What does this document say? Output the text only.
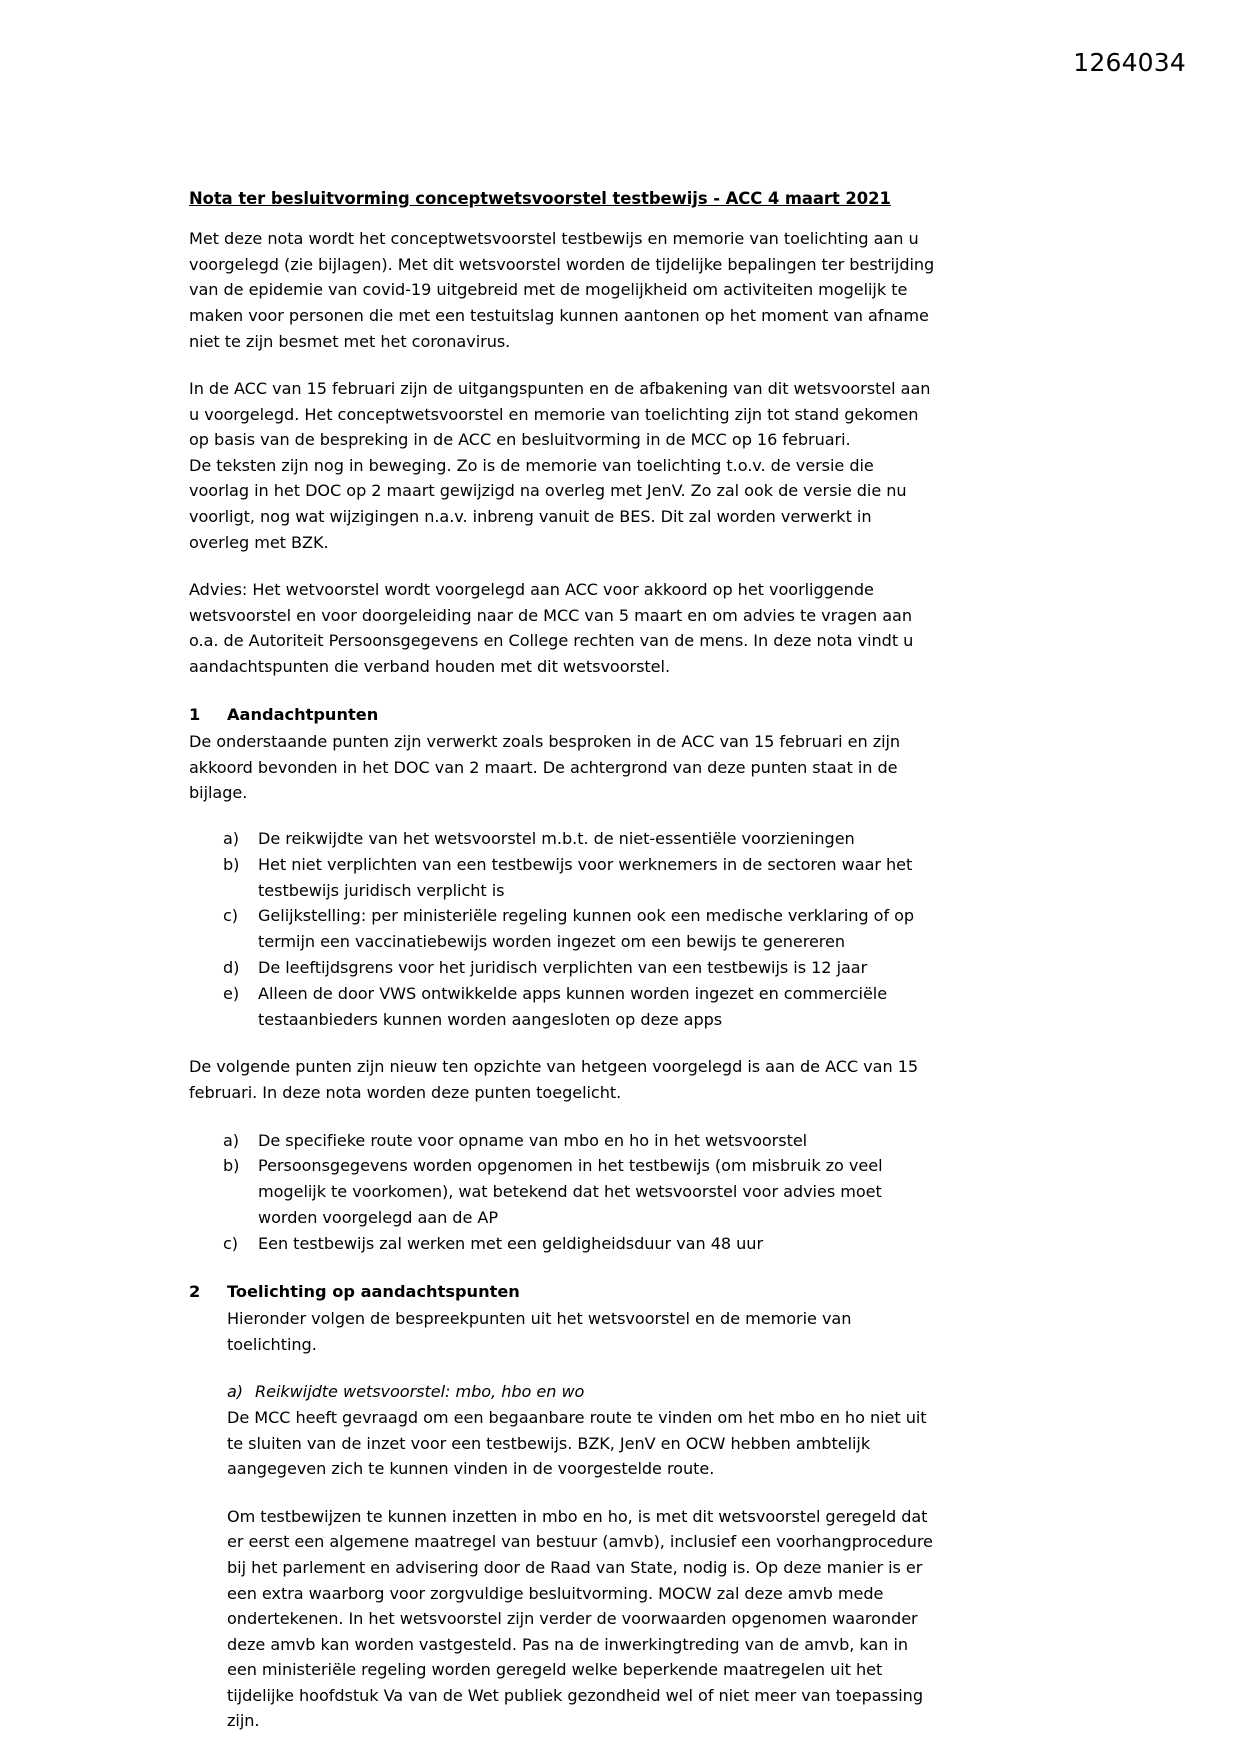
1264034
Nota ter besluitvorming conceptwetsvoorstel testbewijs - ACC 4 maart 2021

Met deze nota wordt het conceptwetsvoorstel testbewijs en memorie van toelichting aan u voorgelegd (zie bijlagen). Met dit wetsvoorstel worden de tijdelijke bepalingen ter bestrijding van de epidemie van covid-19 uitgebreid met de mogelijkheid om activiteiten mogelijk te maken voor personen die met een testuitslag kunnen aantonen op het moment van afname niet te zijn besmet met het coronavirus.

In de ACC van 15 februari zijn de uitgangspunten en de afbakening van dit wetsvoorstel aan u voorgelegd. Het conceptwetsvoorstel en memorie van toelichting zijn tot stand gekomen op basis van de bespreking in de ACC en besluitvorming in de MCC op 16 februari.

De teksten zijn nog in beweging. Zo is de memorie van toelichting t.o.v. de versie die voorlag in het DOC op 2 maart gewijzigd na overleg met JenV. Zo zal ook de versie die nu voorligt, nog wat wijzigingen n.a.v. inbreng vanuit de BES. Dit zal worden verwerkt in overleg met BZK.

Advies: Het wetvoorstel wordt voorgelegd aan ACC voor akkoord op het voorliggende wetsvoorstel en voor doorgeleiding naar de MCC van 5 maart en om advies te vragen aan o.a. de Autoriteit Persoonsgegevens en College rechten van de mens. In deze nota vindt u aandachtspunten die verband houden met dit wetsvoorstel.

1	Aandachtpunten

De onderstaande punten zijn verwerkt zoals besproken in de ACC van 15 februari en zijn akkoord bevonden in het DOC van 2 maart. De achtergrond van deze punten staat in de bijlage.

a)	De reikwijdte van het wetsvoorstel m.b.t. de niet-essentiële voorzieningen
b)	Het niet verplichten van een testbewijs voor werknemers in de sectoren waar het testbewijs juridisch verplicht is
c)	Gelijkstelling: per ministeriële regeling kunnen ook een medische verklaring of op termijn een vaccinatiebewijs worden ingezet om een bewijs te genereren
d)	De leeftijdsgrens voor het juridisch verplichten van een testbewijs is 12 jaar
e)	Alleen de door VWS ontwikkelde apps kunnen worden ingezet en commerciële testaanbieders kunnen worden aangesloten op deze apps

De volgende punten zijn nieuw ten opzichte van hetgeen voorgelegd is aan de ACC van 15 februari. In deze nota worden deze punten toegelicht.

a)	De specifieke route voor opname van mbo en ho in het wetsvoorstel
b)	Persoonsgegevens worden opgenomen in het testbewijs (om misbruik zo veel mogelijk te voorkomen), wat betekend dat het wetsvoorstel voor advies moet worden voorgelegd aan de AP
c)	Een testbewijs zal werken met een geldigheidsduur van 48 uur
2	Toelichting op aandachtspunten

Hieronder volgen de bespreekpunten uit het wetsvoorstel en de memorie van toelichting.

a) Reikwijdte wetsvoorstel: mbo, hbo en wo

De MCC heeft gevraagd om een begaanbare route te vinden om het mbo en ho niet uit te sluiten van de inzet voor een testbewijs. BZK, JenV en OCW hebben ambtelijk aangegeven zich te kunnen vinden in de voorgestelde route.

Om testbewijzen te kunnen inzetten in mbo en ho, is met dit wetsvoorstel geregeld dat er eerst een algemene maatregel van bestuur (amvb), inclusief een voorhangprocedure bij het parlement en advisering door de Raad van State, nodig is. Op deze manier is er een extra waarborg voor zorgvuldige besluitvorming. MOCW zal deze amvb mede ondertekenen. In het wetsvoorstel zijn verder de voorwaarden opgenomen waaronder deze amvb kan worden vastgesteld. Pas na de inwerkingtreding van de amvb, kan in een ministeriële regeling worden geregeld welke beperkende maatregelen uit het tijdelijke hoofdstuk Va van de Wet publiek gezondheid wel of niet meer van toepassing zijn.
